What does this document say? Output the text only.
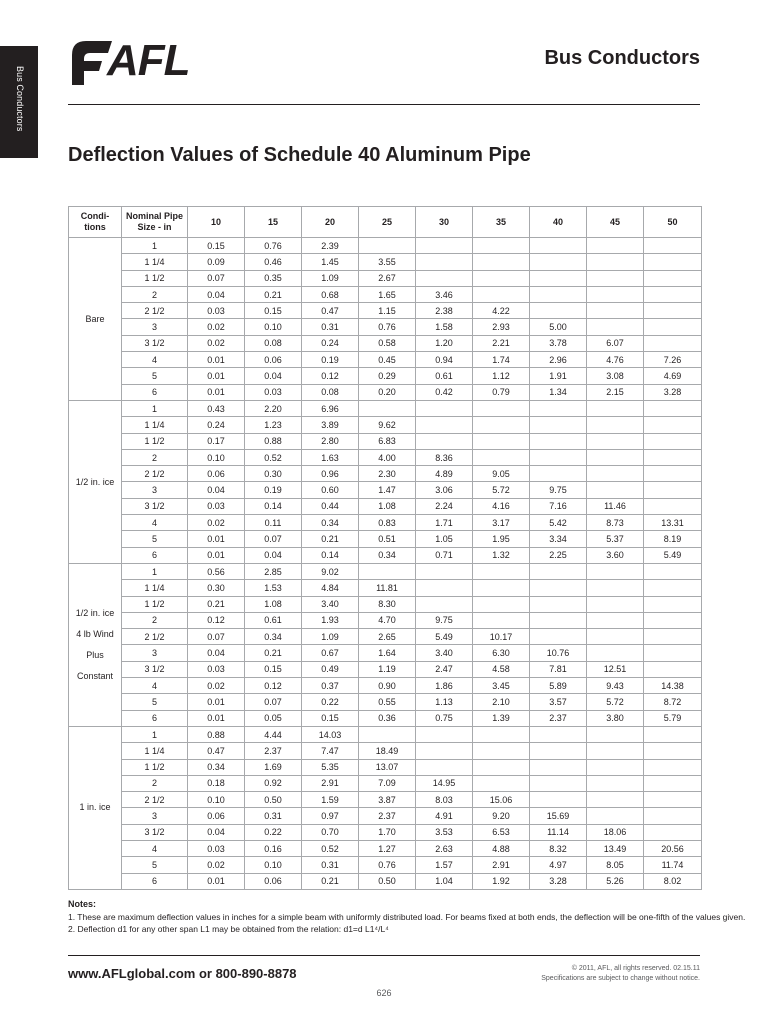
Bus Conductors
AFL	Bus Conductors
Deflection Values of Schedule 40 Aluminum Pipe
Condi- tions	Nominal Pipe Size - in	10	15	20	25	30	35	40	45	50

Bare	1	0.15	0.76	2.39						
	1 1/4	0.09	0.46	1.45	3.55					
	1 1/2	0.07	0.35	1.09	2.67					
	2	0.04	0.21	0.68	1.65	3.46				
	2 1/2	0.03	0.15	0.47	1.15	2.38	4.22			
	3	0.02	0.10	0.31	0.76	1.58	2.93	5.00		
	3 1/2	0.02	0.08	0.24	0.58	1.20	2.21	3.78	6.07	
	4	0.01	0.06	0.19	0.45	0.94	1.74	2.96	4.76	7.26
	5	0.01	0.04	0.12	0.29	0.61	1.12	1.91	3.08	4.69
	6	0.01	0.03	0.08	0.20	0.42	0.79	1.34	2.15	3.28

1/2 in. ice	1	0.43	2.20	6.96						
	1 1/4	0.24	1.23	3.89	9.62					
	1 1/2	0.17	0.88	2.80	6.83					
	2	0.10	0.52	1.63	4.00	8.36				
	2 1/2	0.06	0.30	0.96	2.30	4.89	9.05			
	3	0.04	0.19	0.60	1.47	3.06	5.72	9.75		
	3 1/2	0.03	0.14	0.44	1.08	2.24	4.16	7.16	11.46	
	4	0.02	0.11	0.34	0.83	1.71	3.17	5.42	8.73	13.31
	5	0.01	0.07	0.21	0.51	1.05	1.95	3.34	5.37	8.19
	6	0.01	0.04	0.14	0.34	0.71	1.32	2.25	3.60	5.49

1/2 in. ice
4 lb Wind
Plus
Constant	1	0.56	2.85	9.02						
	1 1/4	0.30	1.53	4.84	11.81					
	1 1/2	0.21	1.08	3.40	8.30					
	2	0.12	0.61	1.93	4.70	9.75				
	2 1/2	0.07	0.34	1.09	2.65	5.49	10.17			
	3	0.04	0.21	0.67	1.64	3.40	6.30	10.76		
	3 1/2	0.03	0.15	0.49	1.19	2.47	4.58	7.81	12.51	
	4	0.02	0.12	0.37	0.90	1.86	3.45	5.89	9.43	14.38
	5	0.01	0.07	0.22	0.55	1.13	2.10	3.57	5.72	8.72
	6	0.01	0.05	0.15	0.36	0.75	1.39	2.37	3.80	5.79

1 in. ice	1	0.88	4.44	14.03						
	1 1/4	0.47	2.37	7.47	18.49					
	1 1/2	0.34	1.69	5.35	13.07					
	2	0.18	0.92	2.91	7.09	14.95				
	2 1/2	0.10	0.50	1.59	3.87	8.03	15.06			
	3	0.06	0.31	0.97	2.37	4.91	9.20	15.69		
	3 1/2	0.04	0.22	0.70	1.70	3.53	6.53	11.14	18.06	
	4	0.03	0.16	0.52	1.27	2.63	4.88	8.32	13.49	20.56
	5	0.02	0.10	0.31	0.76	1.57	2.91	4.97	8.05	11.74
	6	0.01	0.06	0.21	0.50	1.04	1.92	3.28	5.26	8.02
Notes:
1. These are maximum deflection values in inches for a simple beam with uniformly distributed load. For beams fixed at both ends, the deflection will be one-fifth of the values given.
2. Deflection d1 for any other span L1 may be obtained from the relation: d1=d L1⁴/L⁴
www.AFLglobal.com or 800-890-8878	© 2011, AFL, all rights reserved. 02.15.11
Specifications are subject to change without notice.
626
